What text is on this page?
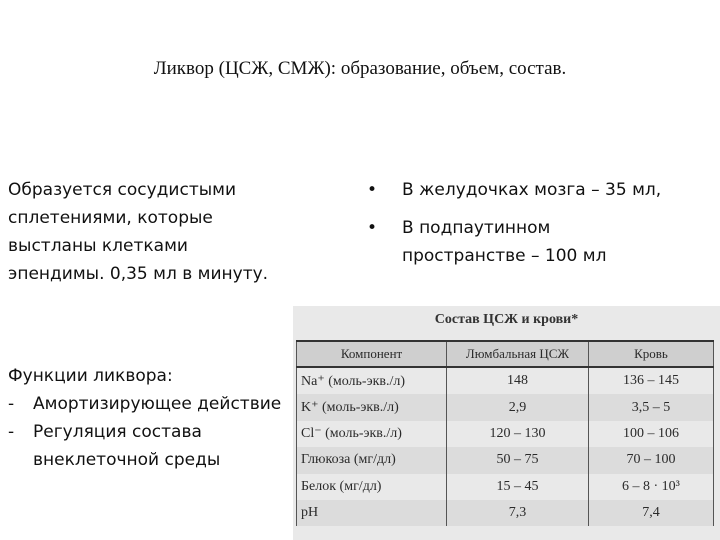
Ликвор (ЦСЖ, СМЖ): образование, объем, состав.

Образуется сосудистыми сплетениями, которые выстланы клетками эпендимы. 0,35 мл в минуту.

Функции ликвора:

-	Амортизирующее действие
-	Регуляция состава внеклеточной среды
•	В желудочках мозга – 35 мл,
•	В подпаутинном пространстве – 100 мл
Состав ЦСЖ и крови*
Компонент	Люмбальная ЦСЖ	Кровь
Na⁺ (моль-экв./л)	148	136 – 145
K⁺ (моль-экв./л)	2,9	3,5 – 5
Cl⁻ (моль-экв./л)	120 – 130	100 – 106
Глюкоза (мг/дл)	50 – 75	70 – 100
Белок (мг/дл)	15 – 45	6 – 8 · 10³
pH	7,3	7,4
